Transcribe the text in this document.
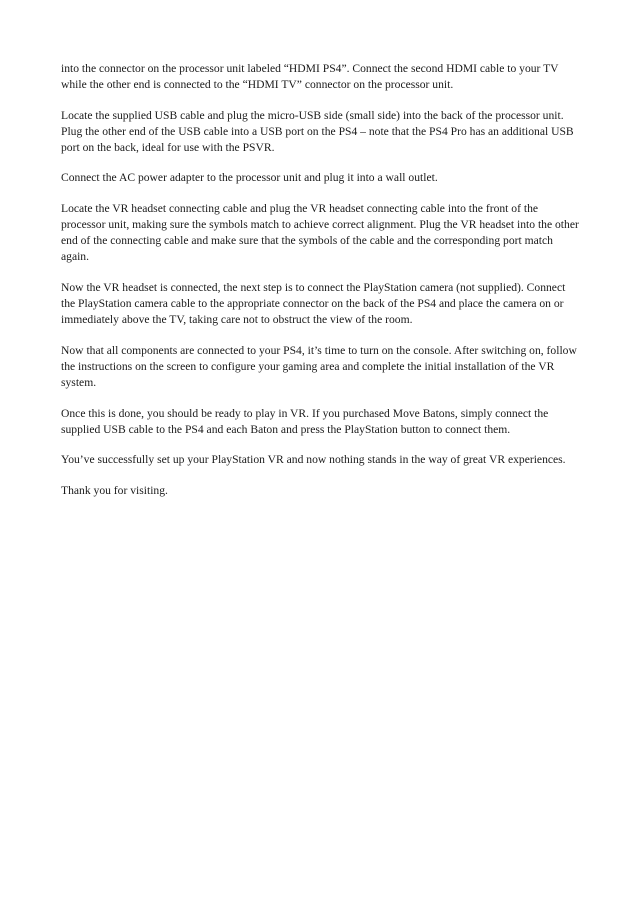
into the connector on the processor unit labeled “HDMI PS4”. Connect the second HDMI cable to your TV while the other end is connected to the “HDMI TV” connector on the processor unit.

Locate the supplied USB cable and plug the micro-USB side (small side) into the back of the processor unit. Plug the other end of the USB cable into a USB port on the PS4 – note that the PS4 Pro has an additional USB port on the back, ideal for use with the PSVR.

Connect the AC power adapter to the processor unit and plug it into a wall outlet.

Locate the VR headset connecting cable and plug the VR headset connecting cable into the front of the processor unit, making sure the symbols match to achieve correct alignment. Plug the VR headset into the other end of the connecting cable and make sure that the symbols of the cable and the corresponding port match again.

Now the VR headset is connected, the next step is to connect the PlayStation camera (not supplied). Connect the PlayStation camera cable to the appropriate connector on the back of the PS4 and place the camera on or immediately above the TV, taking care not to obstruct the view of the room.

Now that all components are connected to your PS4, it’s time to turn on the console. After switching on, follow the instructions on the screen to configure your gaming area and complete the initial installation of the VR system.

Once this is done, you should be ready to play in VR. If you purchased Move Batons, simply connect the supplied USB cable to the PS4 and each Baton and press the PlayStation button to connect them.

You’ve successfully set up your PlayStation VR and now nothing stands in the way of great VR experiences.

Thank you for visiting.
